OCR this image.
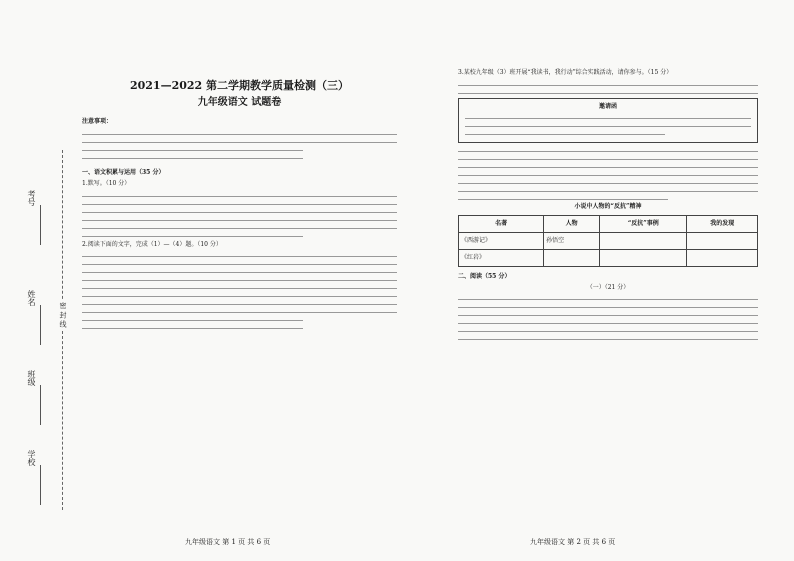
考号
姓名
班级
学校
密 封 线
2021—2022 第二学期教学质量检测（三）
九年级语文 试题卷
注意事项：
一、语文积累与运用（35 分）
1.默写。（10 分）
2.阅读下面的文字，完成（1）—（4）题。（10 分）
3.某校九年级（3）班开展“我读书，我行动”综合实践活动，请你参与。（15 分）
邀请函
小说中人物的“反抗”精神
名著	人物	“反抗”事例	我的发现
《西游记》	孙悟空		
《红岩》			
二、阅读（55 分）
（一）（21 分）
九年级语文 第 1 页 共 6 页	九年级语文 第 2 页 共 6 页
